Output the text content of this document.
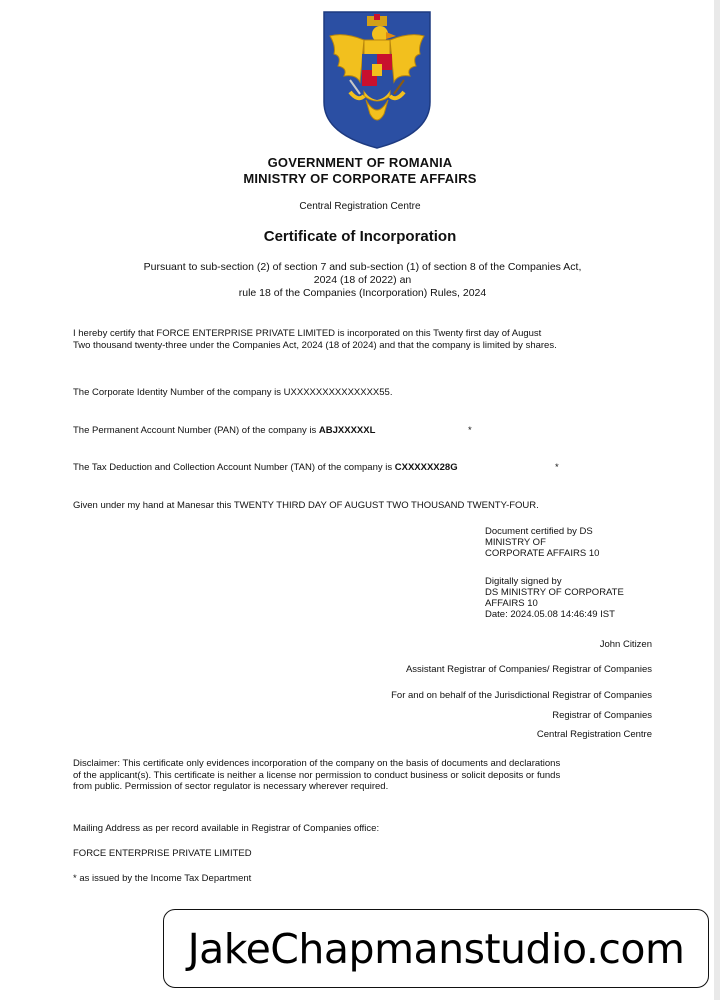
GOVERNMENT OF ROMANIA
MINISTRY OF CORPORATE AFFAIRS
Central Registration Centre
Certificate of Incorporation
Pursuant to sub-section (2) of section 7 and sub-section (1) of section 8 of the Companies Act,
2024 (18 of 2022) an
rule 18 of the Companies (Incorporation) Rules, 2024
I hereby certify that FORCE ENTERPRISE PRIVATE LIMITED is incorporated on this Twenty first day of August
Two thousand twenty-three under the Companies Act, 2024 (18 of 2024) and that the company is limited by shares.
The Corporate Identity Number of the company is UXXXXXXXXXXXXXX55.
The Permanent Account Number (PAN) of the company is ABJXXXXXL	*
The Tax Deduction and Collection Account Number (TAN) of the company is CXXXXXX28G	*
Given under my hand at Manesar this TWENTY THIRD DAY OF AUGUST TWO THOUSAND TWENTY-FOUR.
Document certified by DS
MINISTRY OF
CORPORATE AFFAIRS 10
Digitally signed by
DS MINISTRY OF CORPORATE
AFFAIRS 10
Date: 2024.05.08 14:46:49 IST
John Citizen
Assistant Registrar of Companies/ Registrar of Companies
For and on behalf of the Jurisdictional Registrar of Companies
Registrar of Companies
Central Registration Centre
Disclaimer: This certificate only evidences incorporation of the company on the basis of documents and declarations
of the applicant(s). This certificate is neither a license nor permission to conduct business or solicit deposits or funds
from public. Permission of sector regulator is necessary wherever required.
Mailing Address as per record available in Registrar of Companies office:
FORCE ENTERPRISE PRIVATE LIMITED
* as issued by the Income Tax Department
JakeChapmanstudio.com
